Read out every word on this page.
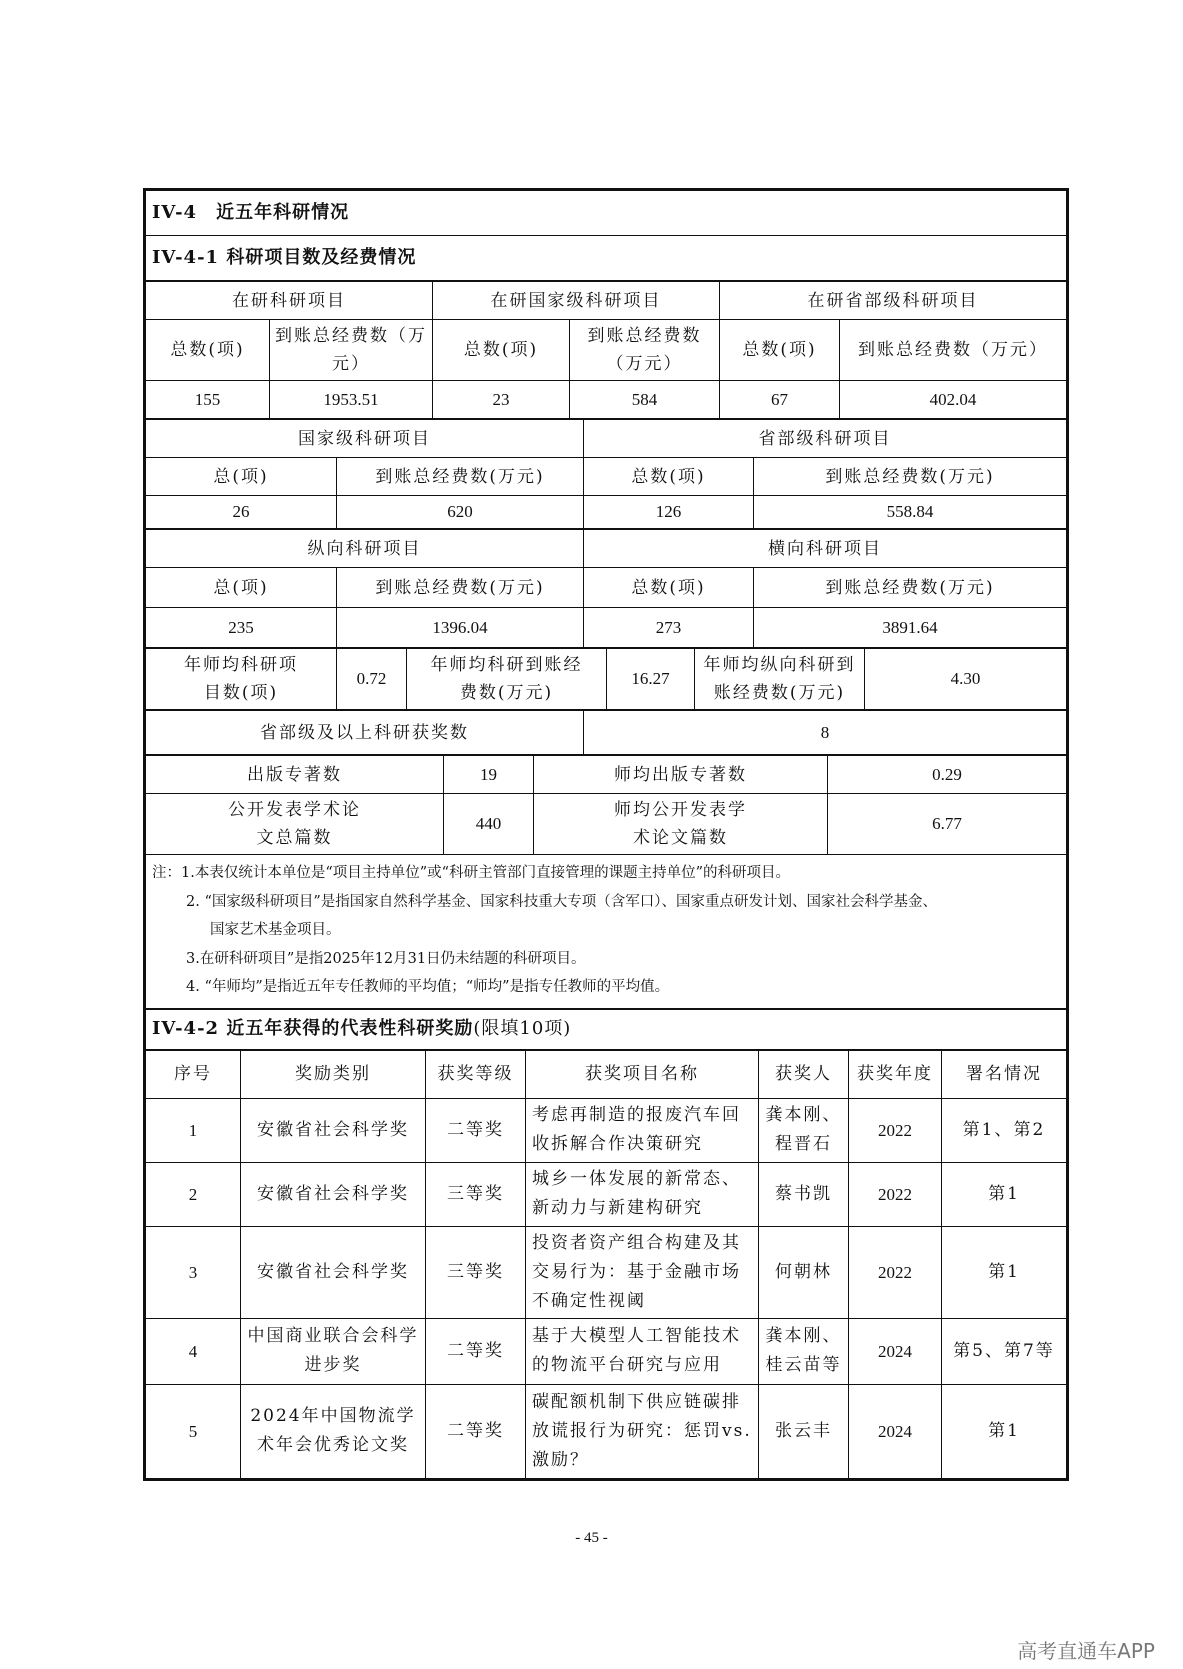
IV-4　近五年科研情况
IV-4-1 科研项目数及经费情况
在研科研项目		在研国家级科研项目		在研省部级科研项目	
总数(项)	到账总经费数（万元）	总数(项)	到账总经费数（万元）	总数(项)	到账总经费数（万元）
155	1953.51	23	584	67	402.04
国家级科研项目		省部级科研项目	
总(项)	到账总经费数(万元)	总数(项)	到账总经费数(万元)
26	620	126	558.84
纵向科研项目		横向科研项目	
总(项)	到账总经费数(万元)	总数(项)	到账总经费数(万元)
235	1396.04	273	3891.64
年师均科研项目数(项)	0.72	年师均科研到账经费数(万元)	16.27	年师均纵向科研到账经费数(万元)	4.30
省部级及以上科研获奖数	8
出版专著数	19	师均出版专著数	0.29
公开发表学术论文总篇数	440	师均公开发表学术论文篇数	6.77
注：1.本表仅统计本单位是“项目主持单位”或“科研主管部门直接管理的课题主持单位”的科研项目。
2. “国家级科研项目”是指国家自然科学基金、国家科技重大专项（含军口）、国家重点研发计划、国家社会科学基金、
国家艺术基金项目。
3.在研科研项目”是指2025年12月31日仍未结题的科研项目。
4. “年师均”是指近五年专任教师的平均值；“师均”是指专任教师的平均值。
IV-4-2 近五年获得的代表性科研奖励(限填10项)
序号	奖励类别	获奖等级	获奖项目名称	获奖人	获奖年度	署名情况
1	安徽省社会科学奖	二等奖	考虑再制造的报废汽车回收拆解合作决策研究	龚本刚、程晋石	2022	第1、第2
2	安徽省社会科学奖	三等奖	城乡一体发展的新常态、新动力与新建构研究	蔡书凯	2022	第1
3	安徽省社会科学奖	三等奖	投资者资产组合构建及其交易行为：基于金融市场不确定性视阈	何朝林	2022	第1
4	中国商业联合会科学进步奖	二等奖	基于大模型人工智能技术的物流平台研究与应用	龚本刚、桂云苗等	2024	第5、第7等
5	2024年中国物流学术年会优秀论文奖	二等奖	碳配额机制下供应链碳排放谎报行为研究：惩罚vs.激励？	张云丰	2024	第1
- 45 -
高考直通车APP
